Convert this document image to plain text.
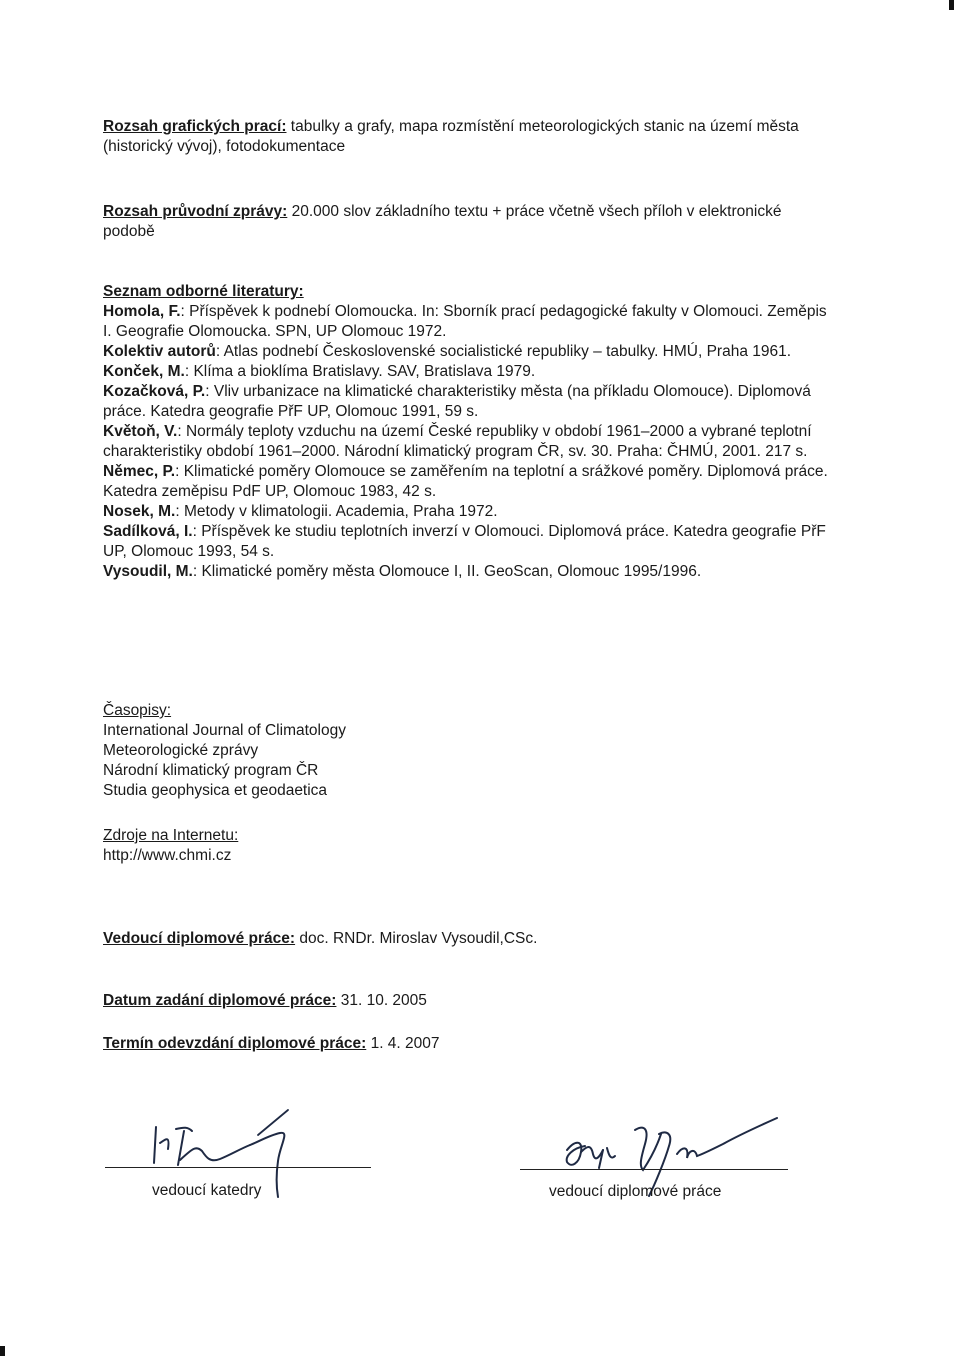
Rozsah grafických prací: tabulky a grafy, mapa rozmístění meteorologických stanic na území města (historický vývoj), fotodokumentace

Rozsah průvodní zprávy: 20.000 slov základního textu + práce včetně všech příloh v elektronické podobě

Seznam odborné literatury:

Homola, F.: Příspěvek k podnebí Olomoucka. In: Sborník prací pedagogické fakulty v Olomouci. Zeměpis I. Geografie Olomoucka. SPN, UP Olomouc 1972.

Kolektiv autorů: Atlas podnebí Československé socialistické republiky – tabulky. HMÚ, Praha 1961.

Konček, M.: Klíma a bioklíma Bratislavy. SAV, Bratislava 1979.

Kozačková, P.: Vliv urbanizace na klimatické charakteristiky města (na příkladu Olomouce). Diplomová práce. Katedra geografie PřF UP, Olomouc 1991, 59 s.

Květoň, V.: Normály teploty vzduchu na území České republiky v období 1961–2000 a vybrané teplotní charakteristiky období 1961–2000. Národní klimatický program ČR, sv. 30. Praha: ČHMÚ, 2001. 217 s.

Němec, P.: Klimatické poměry Olomouce se zaměřením na teplotní a srážkové poměry. Diplomová práce. Katedra zeměpisu PdF UP, Olomouc 1983, 42 s.

Nosek, M.: Metody v klimatologii. Academia, Praha 1972.

Sadílková, I.: Příspěvek ke studiu teplotních inverzí v Olomouci. Diplomová práce. Katedra geografie PřF UP, Olomouc 1993, 54 s.

Vysoudil, M.: Klimatické poměry města Olomouce I, II. GeoScan, Olomouc 1995/1996.

Časopisy:

International Journal of Climatology

Meteorologické zprávy

Národní klimatický program ČR

Studia geophysica et geodaetica

Zdroje na Internetu:

http://www.chmi.cz

Vedoucí diplomové práce: doc. RNDr. Miroslav Vysoudil,CSc.

Datum zadání diplomové práce: 31. 10. 2005

Termín odevzdání diplomové práce: 1. 4. 2007

vedoucí katedry	vedoucí diplomové práce
